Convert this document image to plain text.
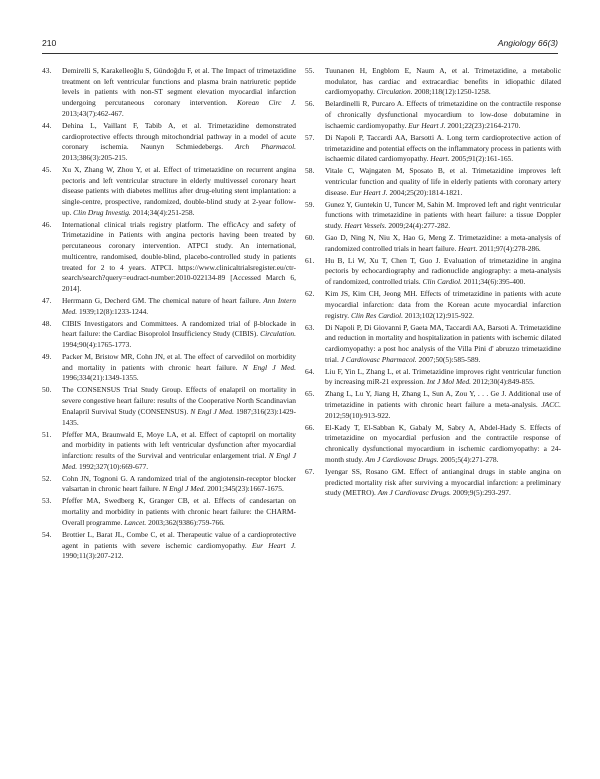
210	Angiology 66(3)
43.	Demirelli S, Karakelleoğlu S, Gündoğdu F, et al. The Impact of trimetazidine treatment on left ventricular functions and plasma brain natriuretic peptide levels in patients with non-ST segment elevation myocardial infarction undergoing percutaneous coronary intervention. Korean Circ J. 2013;43(7):462-467.
44.	Dehina L, Vaillant F, Tabib A, et al. Trimetazidine demonstrated cardioprotective effects through mitochondrial pathway in a model of acute coronary ischemia. Naunyn Schmiedebergs. Arch Pharmacol. 2013;386(3):205-215.
45.	Xu X, Zhang W, Zhou Y, et al. Effect of trimetazidine on recurrent angina pectoris and left ventricular structure in elderly multivessel coronary heart disease patients with diabetes mellitus after drug-eluting stent implantation: a single-centre, prospective, randomized, double-blind study at 2-year follow-up. Clin Drug Investig. 2014;34(4):251-258.
46.	International clinical trials registry platform. The efficAcy and safety of Trimetazidine in Patients with angina pectoris having been treated by percutaneous coronary intervention. ATPCI study. An international, multicentre, randomised, double-blind, placebo-controlled study in patients treated for 2 to 4 years. ATPCI. https://www.clinicaltrialsregister.eu/ctr-search/search?query=eudract-number:2010-022134-89 [Accessed March 6, 2014].
47.	Herrmann G, Decherd GM. The chemical nature of heart failure. Ann Intern Med. 1939;12(8):1233-1244.
48.	CIBIS Investigators and Committees. A randomized trial of β-blockade in heart failure: the Cardiac Bisoprolol Insufficiency Study (CIBIS). Circulation. 1994;90(4):1765-1773.
49.	Packer M, Bristow MR, Cohn JN, et al. The effect of carvedilol on morbidity and mortality in patients with chronic heart failure. N Engl J Med. 1996;334(21):1349-1355.
50.	The CONSENSUS Trial Study Group. Effects of enalapril on mortality in severe congestive heart failure: results of the Cooperative North Scandinavian Enalapril Survival Study (CONSENSUS). N Engl J Med. 1987;316(23):1429-1435.
51.	Pfeffer MA, Braunwald E, Moye LA, et al. Effect of captopril on mortality and morbidity in patients with left ventricular dysfunction after myocardial infarction: results of the Survival and ventricular enlargement trial. N Engl J Med. 1992;327(10):669-677.
52.	Cohn JN, Tognoni G. A randomized trial of the angiotensin-receptor blocker valsartan in chronic heart failure. N Engl J Med. 2001;345(23):1667-1675.
53.	Pfeffer MA, Swedberg K, Granger CB, et al. Effects of candesartan on mortality and morbidity in patients with chronic heart failure: the CHARM-Overall programme. Lancet. 2003;362(9386):759-766.
54.	Brottier L, Barat JL, Combe C, et al. Therapeutic value of a cardioprotective agent in patients with severe ischemic cardiomyopathy. Eur Heart J. 1990;11(3):207-212.
55.	Tuunanen H, Engblom E, Naum A, et al. Trimetazidine, a metabolic modulator, has cardiac and extracardiac benefits in idiopathic dilated cardiomyopathy. Circulation. 2008;118(12):1250-1258.
56.	Belardinelli R, Purcaro A. Effects of trimetazidine on the contractile response of chronically dysfunctional myocardium to low-dose dobutamine in ischaemic cardiomyopathy. Eur Heart J. 2001;22(23):2164-2170.
57.	Di Napoli P, Taccardi AA, Barsotti A. Long term cardioprotective action of trimetazidine and potential effects on the inflammatory process in patients with ischaemic dilated cardiomyopathy. Heart. 2005;91(2):161-165.
58.	Vitale C, Wajngaten M, Sposato B, et al. Trimetazidine improves left ventricular function and quality of life in elderly patients with coronary artery disease. Eur Heart J. 2004;25(20):1814-1821.
59.	Gunez Y, Guntekin U, Tuncer M, Sahin M. Improved left and right ventricular functions with trimetazidine in patients with heart failure: a tissue Doppler study. Heart Vessels. 2009;24(4):277-282.
60.	Gao D, Ning N, Niu X, Hao G, Meng Z. Trimetazidine: a meta-analysis of randomized controlled trials in heart failure. Heart. 2011;97(4):278-286.
61.	Hu B, Li W, Xu T, Chen T, Guo J. Evaluation of trimetazidine in angina pectoris by echocardiography and radionuclide angiography: a meta-analysis of randomized, controlled trials. Clin Cardiol. 2011;34(6):395-400.
62.	Kim JS, Kim CH, Jeong MH. Effects of trimetazidine in patients with acute myocardial infarction: data from the Korean acute myocardial infarction registry. Clin Res Cardiol. 2013;102(12):915-922.
63.	Di Napoli P, Di Giovanni P, Gaeta MA, Taccardi AA, Barsoti A. Trimetazidine and reduction in mortality and hospitalization in patients with ischemic dilated cardiomyopathy: a post hoc analysis of the Villa Pini d' abruzzo trimetazidine trial. J Cardiovasc Pharmacol. 2007;50(5):585-589.
64.	Liu F, Yin L, Zhang L, et al. Trimetazidine improves right ventricular function by increasing miR-21 expression. Int J Mol Med. 2012;30(4):849-855.
65.	Zhang L, Lu Y, Jiang H, Zhang L, Sun A, Zou Y, . . . Ge J. Additional use of trimetazidine in patients with chronic heart failure a meta-analysis. JACC. 2012;59(10):913-922.
66.	El-Kady T, El-Sabban K, Gabaly M, Sabry A, Abdel-Hady S. Effects of trimetazidine on myocardial perfusion and the contractile response of chronically dysfunctional myocardium in ischemic cardiomyopathy: a 24-month study. Am J Cardiovasc Drugs. 2005;5(4):271-278.
67.	Iyengar SS, Rosano GM. Effect of antianginal drugs in stable angina on predicted mortality risk after surviving a myocardial infarction: a preliminary study (METRO). Am J Cardiovasc Drugs. 2009;9(5):293-297.
